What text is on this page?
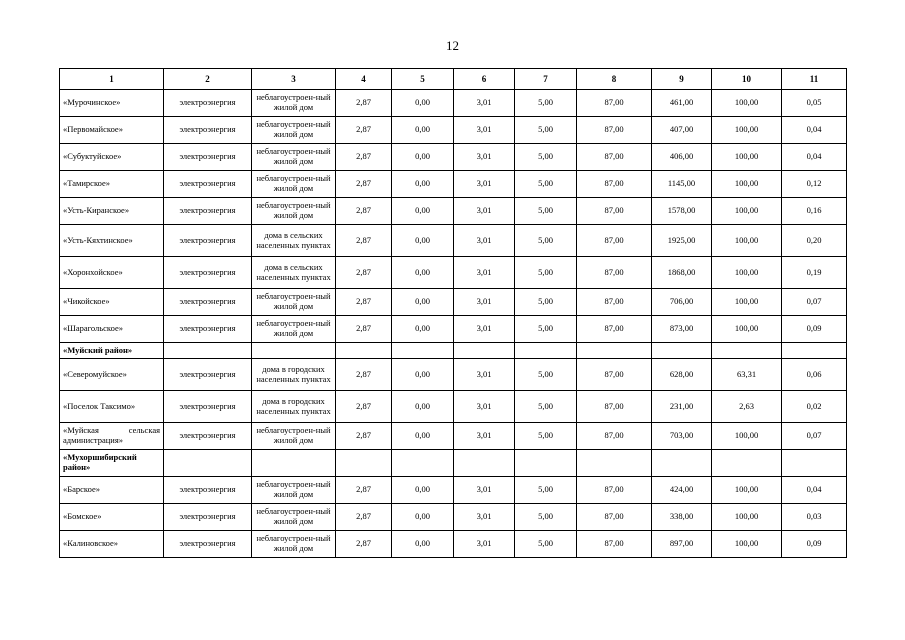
12
1	2	3	4	5	6	7	8	9	10	11
«Мурочинское»	электроэнергия	неблагоустроен-ный жилой дом	2,87	0,00	3,01	5,00	87,00	461,00	100,00	0,05
«Первомайское»	электроэнергия	неблагоустроен-ный жилой дом	2,87	0,00	3,01	5,00	87,00	407,00	100,00	0,04
«Субуктуйское»	электроэнергия	неблагоустроен-ный жилой дом	2,87	0,00	3,01	5,00	87,00	406,00	100,00	0,04
«Тамирское»	электроэнергия	неблагоустроен-ный жилой дом	2,87	0,00	3,01	5,00	87,00	1145,00	100,00	0,12
«Усть-Киранское»	электроэнергия	неблагоустроен-ный жилой дом	2,87	0,00	3,01	5,00	87,00	1578,00	100,00	0,16
«Усть-Кяхтинское»	электроэнергия	дома в сельских населенных пунктах	2,87	0,00	3,01	5,00	87,00	1925,00	100,00	0,20
«Хоронхойское»	электроэнергия	дома в сельских населенных пунктах	2,87	0,00	3,01	5,00	87,00	1868,00	100,00	0,19
«Чикойское»	электроэнергия	неблагоустроен-ный жилой дом	2,87	0,00	3,01	5,00	87,00	706,00	100,00	0,07
«Шарагольское»	электроэнергия	неблагоустроен-ный жилой дом	2,87	0,00	3,01	5,00	87,00	873,00	100,00	0,09
«Муйский район»										
«Северомуйское»	электроэнергия	дома в городских населенных пунктах	2,87	0,00	3,01	5,00	87,00	628,00	63,31	0,06
«Поселок Таксимо»	электроэнергия	дома в городских населенных пунктах	2,87	0,00	3,01	5,00	87,00	231,00	2,63	0,02

«Муйская сельская администрация»	электроэнергия	неблагоустроен-ный жилой дом	2,87	0,00	3,01	5,00	87,00	703,00	100,00	0,07
«Мухоршибирский район»										
«Барское»	электроэнергия	неблагоустроен-ный жилой дом	2,87	0,00	3,01	5,00	87,00	424,00	100,00	0,04
«Бомское»	электроэнергия	неблагоустроен-ный жилой дом	2,87	0,00	3,01	5,00	87,00	338,00	100,00	0,03
«Калиновское»	электроэнергия	неблагоустроен-ный жилой дом	2,87	0,00	3,01	5,00	87,00	897,00	100,00	0,09
